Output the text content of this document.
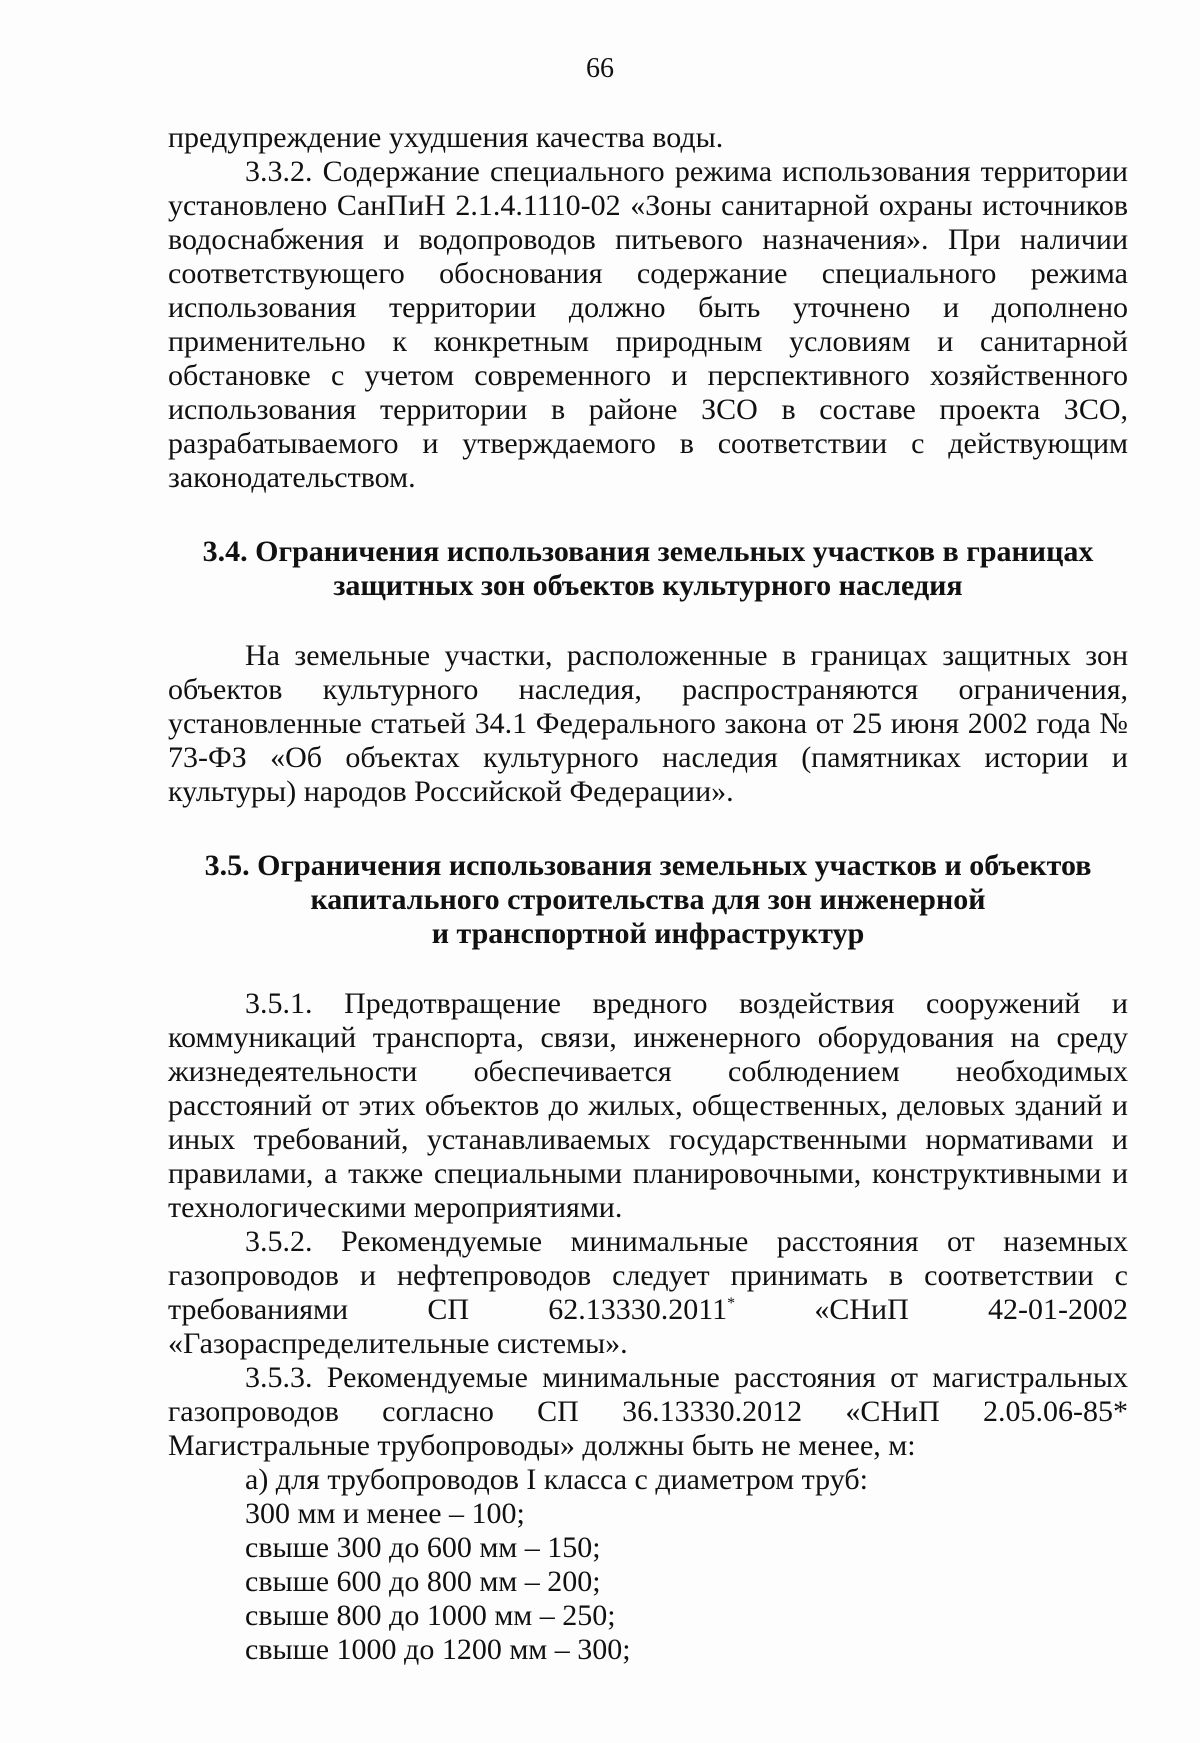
66

предупреждение ухудшения качества воды.

3.3.2. Содержание специального режима использования территории установлено СанПиН 2.1.4.1110-02 «Зоны санитарной охраны источников водоснабжения и водопроводов питьевого назначения». При наличии соответствующего обоснования содержание специального режима использования территории должно быть уточнено и дополнено применительно к конкретным природным условиям и санитарной обстановке с учетом современного и перспективного хозяйственного использования территории в районе ЗСО в составе проекта ЗСО, разрабатываемого и утверждаемого в соответствии с действующим законодательством.

3.4. Ограничения использования земельных участков в границах
защитных зон объектов культурного наследия

На земельные участки, расположенные в границах защитных зон объектов культурного наследия, распространяются ограничения, установленные статьей 34.1 Федерального закона от 25 июня 2002 года № 73-ФЗ «Об объектах культурного наследия (памятниках истории и культуры) народов Российской Федерации».

3.5. Ограничения использования земельных участков и объектов
капитального строительства для зон инженерной
и транспортной инфраструктур

3.5.1. Предотвращение вредного воздействия сооружений и коммуникаций транспорта, связи, инженерного оборудования на среду жизнедеятельности обеспечивается соблюдением необходимых расстояний от этих объектов до жилых, общественных, деловых зданий и иных требований, устанавливаемых государственными нормативами и правилами, а также специальными планировочными, конструктивными и технологическими мероприятиями.

3.5.2. Рекомендуемые минимальные расстояния от наземных газопроводов и нефтепроводов следует принимать в соответствии с требованиями СП 62.13330.2011* «СНиП 42-01-2002 «Газораспределительные системы».

3.5.3. Рекомендуемые минимальные расстояния от магистральных газопроводов согласно СП 36.13330.2012 «СНиП 2.05.06-85* Магистральные трубопроводы» должны быть не менее, м:

а) для трубопроводов I класса с диаметром труб:
300 мм и менее – 100;
свыше 300 до 600 мм – 150;
свыше 600 до 800 мм – 200;
свыше 800 до 1000 мм – 250;
свыше 1000 до 1200 мм – 300;
